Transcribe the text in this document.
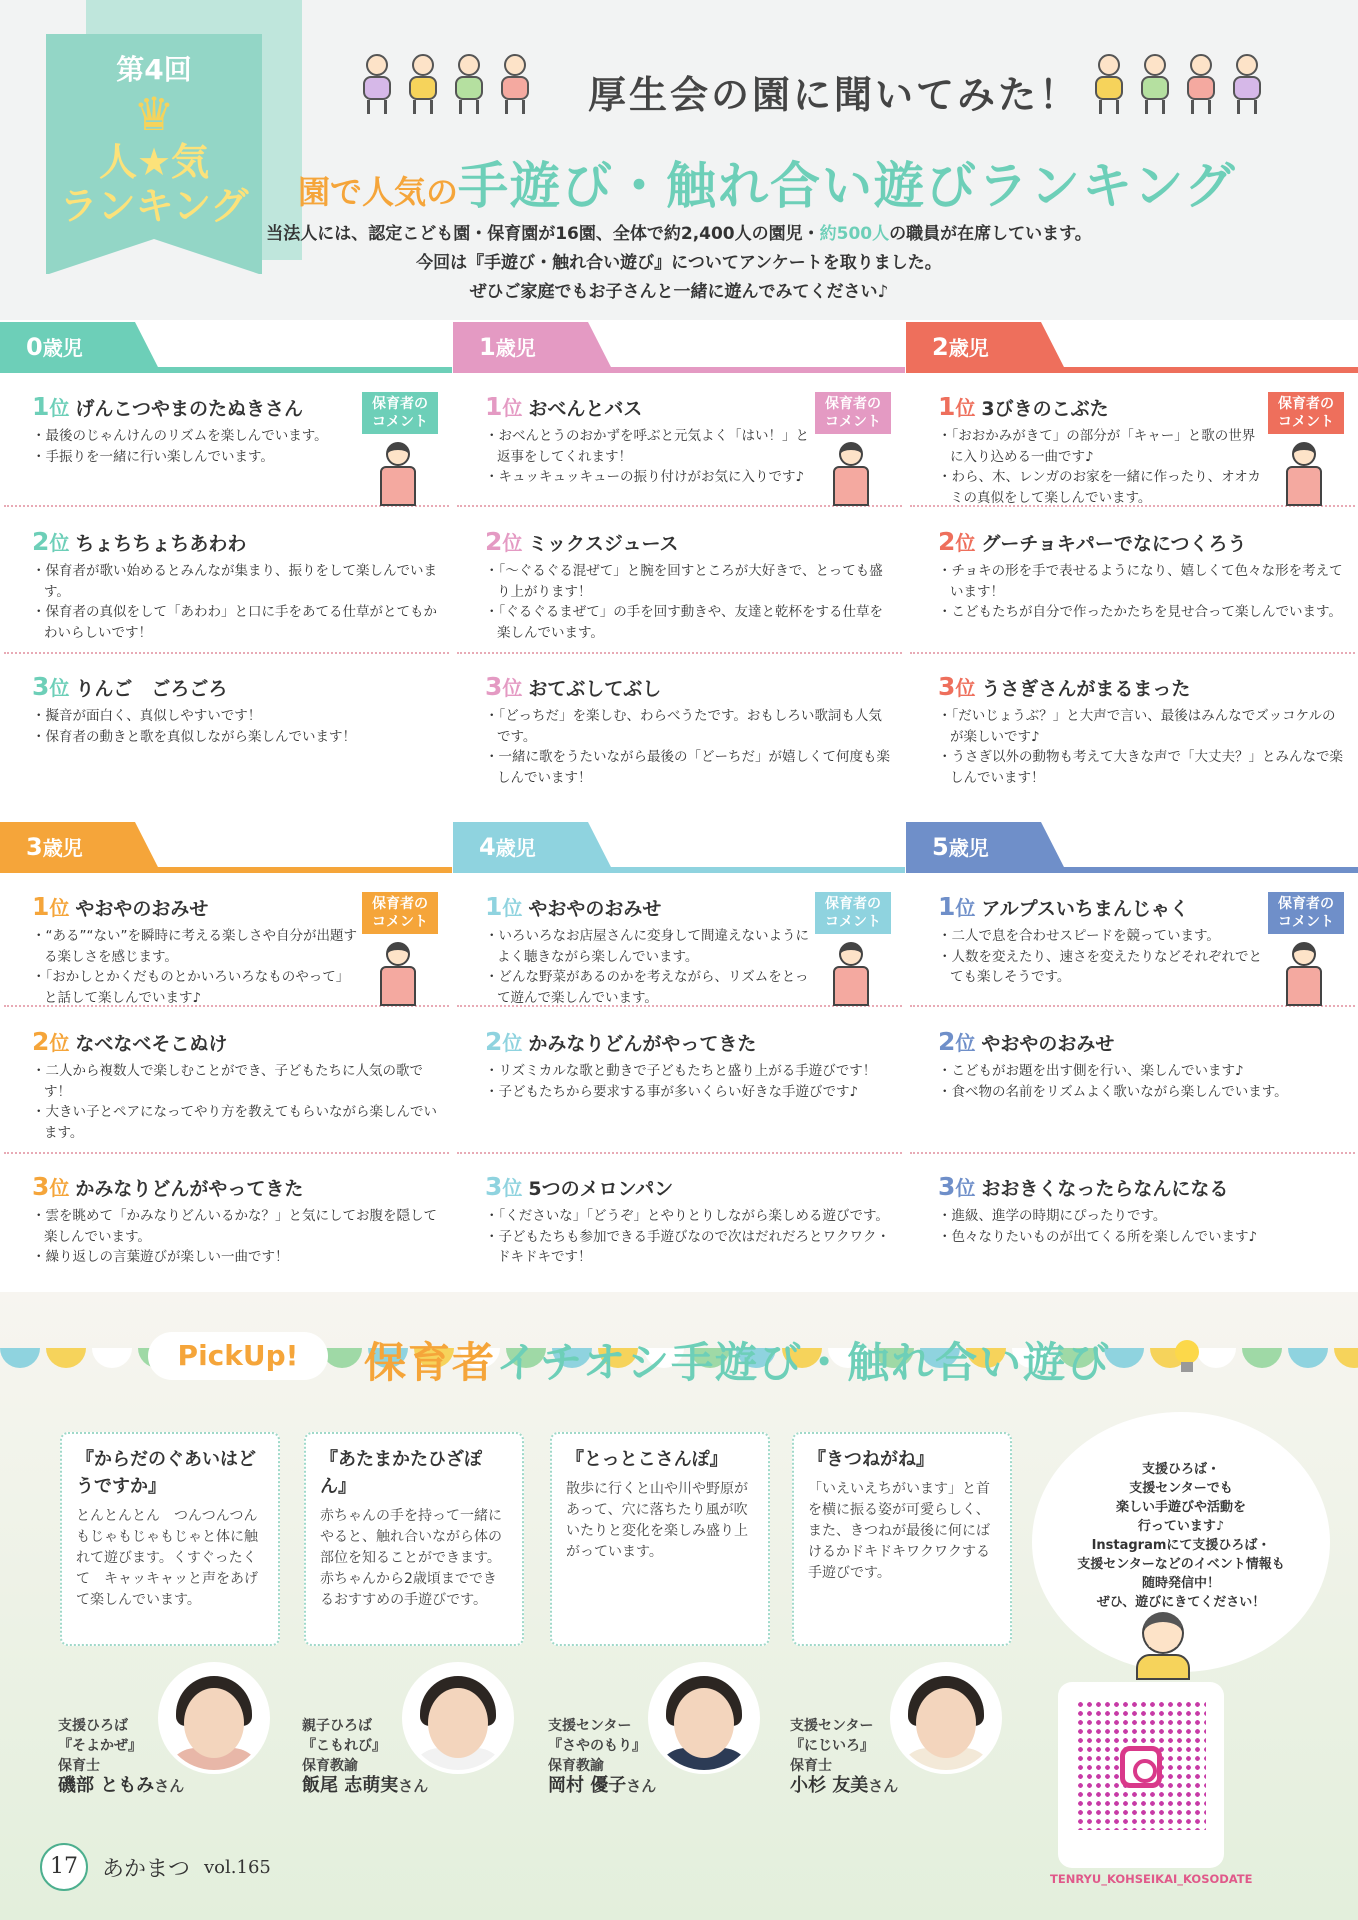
第4回
♛
人★気
ランキング
厚生会の園に聞いてみた！
園で人気の手遊び・触れ合い遊びランキング
当法人には、認定こども園・保育園が16園、全体で約2,400人の園児・約500人の職員が在席しています。
今回は『手遊び・触れ合い遊び』についてアンケートを取りました。
ぜひご家庭でもお子さんと一緒に遊んでみてください♪
0歳児
1位 げんこつやまのたぬきさん
・最後のじゃんけんのリズムを楽しんでいます。
・手振りを一緒に行い楽しんでいます。
2位 ちょちちょちあわわ
・保育者が歌い始めるとみんなが集まり、振りをして楽しんでいます。
・保育者の真似をして「あわわ」と口に手をあてる仕草がとてもかわいらしいです！
3位 りんご　ごろごろ
・擬音が面白く、真似しやすいです！
・保育者の動きと歌を真似しながら楽しんでいます！
保育者の
コメント
1歳児
1位 おべんとバス
・おべんとうのおかずを呼ぶと元気よく「はい！」と返事をしてくれます！
・キュッキュッキューの振り付けがお気に入りです♪
2位 ミックスジュース
・「～ぐるぐる混ぜて」と腕を回すところが大好きで、とっても盛り上がります！
・「ぐるぐるまぜて」の手を回す動きや、友達と乾杯をする仕草を楽しんでいます。
3位 おてぶしてぶし
・「どっちだ」を楽しむ、わらべうたです。おもしろい歌詞も人気です。
・一緒に歌をうたいながら最後の「どーちだ」が嬉しくて何度も楽しんでいます！
保育者の
コメント
2歳児
1位 3びきのこぶた
・「おおかみがきて」の部分が「キャー」と歌の世界に入り込める一曲です♪
・わら、木、レンガのお家を一緒に作ったり、オオカミの真似をして楽しんでいます。
2位 グーチョキパーでなにつくろう
・チョキの形を手で表せるようになり、嬉しくて色々な形を考えています！
・こどもたちが自分で作ったかたちを見せ合って楽しんでいます。
3位 うさぎさんがまるまった
・「だいじょうぶ？」と大声で言い、最後はみんなでズッコケルのが楽しいです♪
・うさぎ以外の動物も考えて大きな声で「大丈夫？」とみんなで楽しんでいます！
保育者の
コメント
3歳児
1位 やおやのおみせ
・“ある”“ない”を瞬時に考える楽しさや自分が出題する楽しさを感じます。
・「おかしとかくだものとかいろいろなものやって」と話して楽しんでいます♪
2位 なべなべそこぬけ
・二人から複数人で楽しむことができ、子どもたちに人気の歌です！
・大きい子とペアになってやり方を教えてもらいながら楽しんでいます。
3位 かみなりどんがやってきた
・雲を眺めて「かみなりどんいるかな？」と気にしてお腹を隠して楽しんでいます。
・繰り返しの言葉遊びが楽しい一曲です！
保育者の
コメント
4歳児
1位 やおやのおみせ
・いろいろなお店屋さんに変身して間違えないようによく聴きながら楽しんでいます。
・どんな野菜があるのかを考えながら、リズムをとって遊んで楽しんでいます。
2位 かみなりどんがやってきた
・リズミカルな歌と動きで子どもたちと盛り上がる手遊びです！
・子どもたちから要求する事が多いくらい好きな手遊びです♪
3位 5つのメロンパン
・「くださいな」「どうぞ」とやりとりしながら楽しめる遊びです。
・子どもたちも参加できる手遊びなので次はだれだろとワクワク・ドキドキです！
保育者の
コメント
5歳児
1位 アルプスいちまんじゃく
・二人で息を合わせスピードを競っています。
・人数を変えたり、速さを変えたりなどそれぞれでとても楽しそうです。
2位 やおやのおみせ
・こどもがお題を出す側を行い、楽しんでいます♪
・食べ物の名前をリズムよく歌いながら楽しんでいます。
3位 おおきくなったらなんになる
・進級、進学の時期にぴったりです。
・色々なりたいものが出てくる所を楽しんでいます♪
保育者の
コメント
PickUp!	保育者イチオシ手遊び・触れ合い遊び
『からだのぐあいはどうですか』
とんとんとん　つんつんつんもじゃもじゃもじゃと体に触れて遊びます。くすぐったくて　キャッキャッと声をあげて楽しんでいます。
支援ひろば
『そよかぜ』
保育士
磯部 ともみさん
『あたまかたひざぽん』
赤ちゃんの手を持って一緒にやると、触れ合いながら体の部位を知ることができます。赤ちゃんから2歳頃までできるおすすめの手遊びです。
親子ひろば
『こもれび』
保育教諭
飯尾 志萌実さん
『とっとこさんぽ』
散歩に行くと山や川や野原があって、穴に落ちたり風が吹いたりと変化を楽しみ盛り上がっています。
支援センター
『さやのもり』
保育教諭
岡村 優子さん
『きつねがね』
「いえいえちがいます」と首を横に振る姿が可愛らしく、また、きつねが最後に何にばけるかドキドキワクワクする手遊びです。
支援センター
『にじいろ』
保育士
小杉 友美さん
支援ひろば・
支援センターでも
楽しい手遊びや活動を
行っています♪
Instagramにて支援ひろば・
支援センターなどのイベント情報も
随時発信中！
ぜひ、遊びにきてください！
TENRYU_KOHSEIKAI_KOSODATE
17	あかまつ vol.165
